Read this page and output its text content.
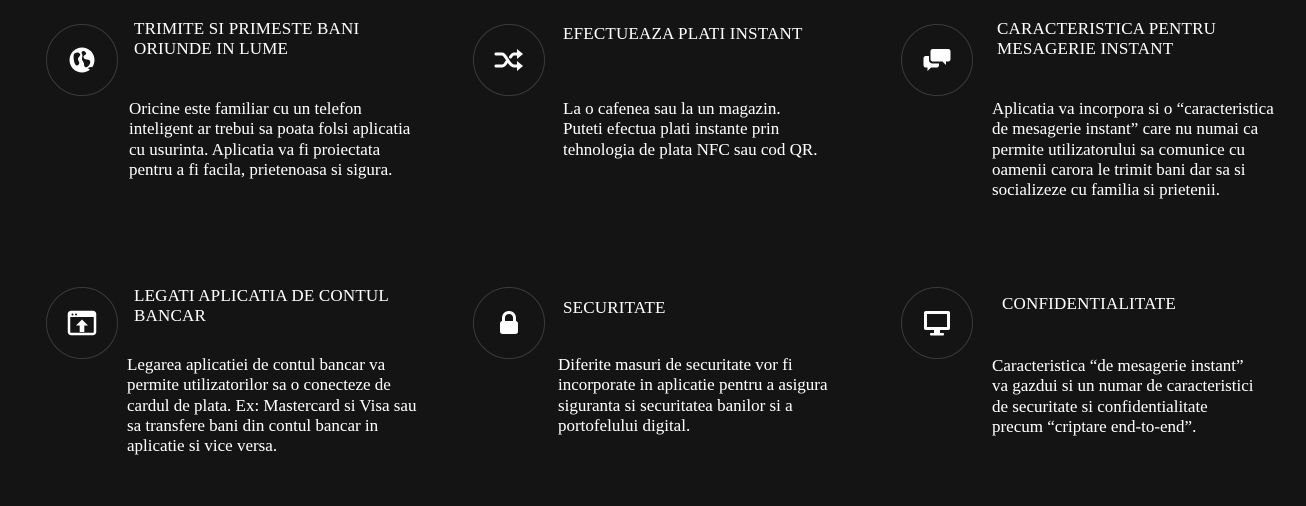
TRIMITE SI PRIMESTE BANI ORIUNDE IN LUME

Oricine este familiar cu un telefon inteligent ar trebui sa poata folsi aplicatia cu usurinta. Aplicatia va fi proiectata pentru a fi facila, prietenoasa si sigura.

EFECTUEAZA PLATI INSTANT

La o cafenea sau la un magazin. Puteti efectua plati instante prin tehnologia de plata NFC sau cod QR.

CARACTERISTICA PENTRU MESAGERIE INSTANT

Aplicatia va incorpora si o “caracteristica de mesagerie instant” care nu numai ca permite utilizatorului sa comunice cu oamenii carora le trimit bani dar sa si socializeze cu familia si prietenii.

LEGATI APLICATIA DE CONTUL BANCAR

Legarea aplicatiei de contul bancar va permite utilizatorilor sa o conecteze de cardul de plata. Ex: Mastercard si Visa sau sa transfere bani din contul bancar in aplicatie si vice versa.

SECURITATE

Diferite masuri de securitate vor fi incorporate in aplicatie pentru a asigura siguranta si securitatea banilor si a portofelului digital.

CONFIDENTIALITATE

Caracteristica “de mesagerie instant” va gazdui si un numar de caracteristici de securitate si confidentialitate precum “criptare end-to-end”.
